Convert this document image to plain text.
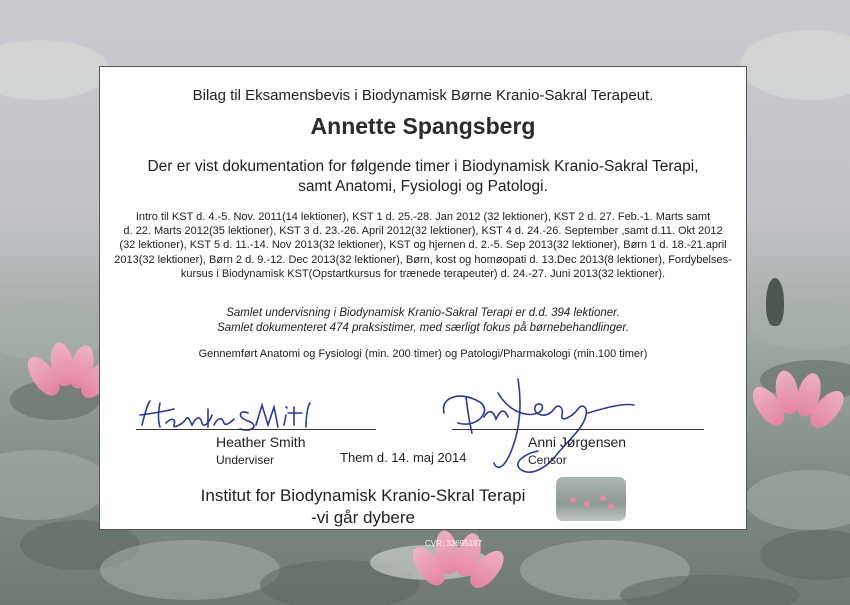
Bilag til Eksamensbevis i Biodynamisk Børne Kranio-Sakral Terapeut.
Annette Spangsberg
Der er vist dokumentation for følgende timer i Biodynamisk Kranio-Sakral Terapi,
samt Anatomi, Fysiologi og Patologi.
Intro til KST d. 4.-5. Nov. 2011(14 lektioner), KST 1 d. 25.-28. Jan 2012 (32 lektioner), KST 2 d. 27. Feb.-1. Marts samt
d. 22. Marts 2012(35 lektioner), KST 3 d. 23.-26. April 2012(32 lektioner), KST 4 d. 24.-26. September ,samt d.11. Okt 2012
(32 lektioner), KST 5 d. 11.-14. Nov 2013(32 lektioner), KST og hjernen d. 2.-5. Sep 2013(32 lektioner), Børn 1 d. 18.-21.april
2013(32 lektioner), Børn 2 d. 9.-12. Dec 2013(32 lektioner), Børn, kost og homøopati d. 13.Dec 2013(8 lektioner), Fordybelses-
kursus i Biodynamisk KST(Opstartkursus for trænede terapeuter) d. 24.-27. Juni 2013(32 lektioner).
Samlet undervisning i Biodynamisk Kranio-Sakral Terapi er d.d. 394 lektioner.
Samlet dokumenteret 474 praksistimer, med særligt fokus på børnebehandlinger.
Gennemført Anatomi og Fysiologi (min. 200 timer) og Patologi/Pharmakologi (min.100 timer)
Heather Smith
Underviser	Them d. 14. maj 2014
Anni Jørgensen
Censor
Institut for Biodynamisk Kranio-Skral Terapi
-vi går dybere
CVR: 33695187
